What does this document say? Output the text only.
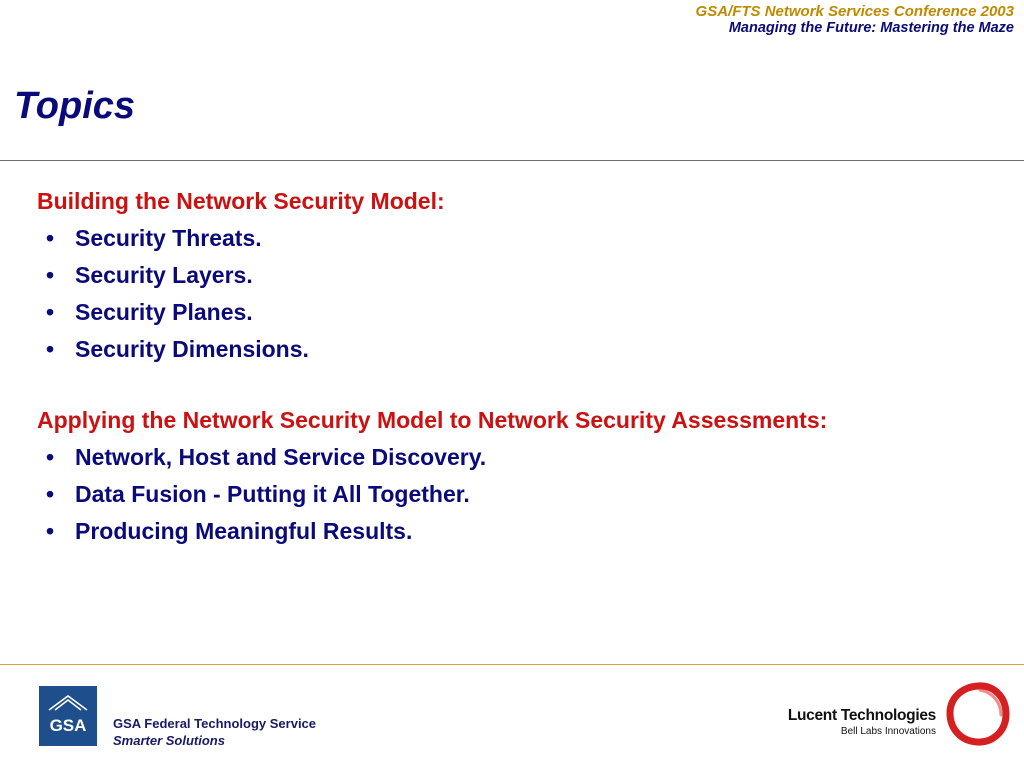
GSA/FTS Network Services Conference 2003
Managing the Future: Mastering the Maze
Topics
Building the Network Security Model:
• Security Threats.
• Security Layers.
• Security Planes.
• Security Dimensions.
Applying the Network Security Model to Network Security Assessments:
• Network, Host and Service Discovery.
• Data Fusion - Putting it All Together.
• Producing Meaningful Results.
GSA	GSA Federal Technology Service
Smarter Solutions
Lucent Technologies
Bell Labs Innovations
